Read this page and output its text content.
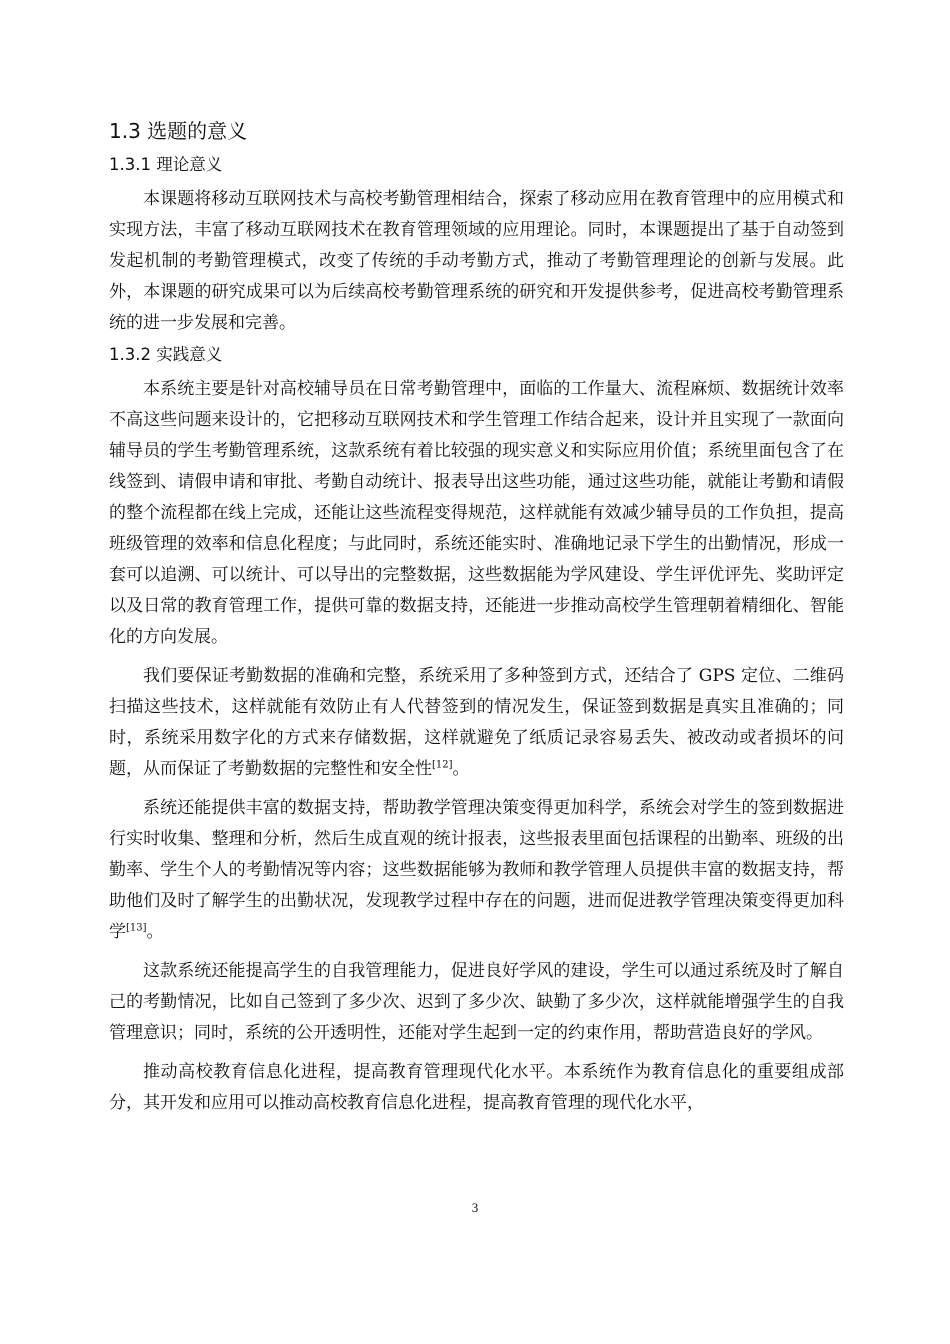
1.3 选题的意义
1.3.1 理论意义

本课题将移动互联网技术与高校考勤管理相结合，探索了移动应用在教育管理中的应用模式和实现方法，丰富了移动互联网技术在教育管理领域的应用理论。同时，本课题提出了基于自动签到发起机制的考勤管理模式，改变了传统的手动考勤方式，推动了考勤管理理论的创新与发展。此外，本课题的研究成果可以为后续高校考勤管理系统的研究和开发提供参考，促进高校考勤管理系统的进一步发展和完善。

1.3.2 实践意义

本系统主要是针对高校辅导员在日常考勤管理中，面临的工作量大、流程麻烦、数据统计效率不高这些问题来设计的，它把移动互联网技术和学生管理工作结合起来，设计并且实现了一款面向辅导员的学生考勤管理系统，这款系统有着比较强的现实意义和实际应用价值；系统里面包含了在线签到、请假申请和审批、考勤自动统计、报表导出这些功能，通过这些功能，就能让考勤和请假的整个流程都在线上完成，还能让这些流程变得规范，这样就能有效减少辅导员的工作负担，提高班级管理的效率和信息化程度；与此同时，系统还能实时、准确地记录下学生的出勤情况，形成一套可以追溯、可以统计、可以导出的完整数据，这些数据能为学风建设、学生评优评先、奖助评定以及日常的教育管理工作，提供可靠的数据支持，还能进一步推动高校学生管理朝着精细化、智能化的方向发展。

我们要保证考勤数据的准确和完整，系统采用了多种签到方式，还结合了 GPS 定位、二维码扫描这些技术，这样就能有效防止有人代替签到的情况发生，保证签到数据是真实且准确的；同时，系统采用数字化的方式来存储数据，这样就避免了纸质记录容易丢失、被改动或者损坏的问题，从而保证了考勤数据的完整性和安全性[12]。

系统还能提供丰富的数据支持，帮助教学管理决策变得更加科学，系统会对学生的签到数据进行实时收集、整理和分析，然后生成直观的统计报表，这些报表里面包括课程的出勤率、班级的出勤率、学生个人的考勤情况等内容；这些数据能够为教师和教学管理人员提供丰富的数据支持，帮助他们及时了解学生的出勤状况，发现教学过程中存在的问题，进而促进教学管理决策变得更加科学[13]。

这款系统还能提高学生的自我管理能力，促进良好学风的建设，学生可以通过系统及时了解自己的考勤情况，比如自己签到了多少次、迟到了多少次、缺勤了多少次，这样就能增强学生的自我管理意识；同时，系统的公开透明性，还能对学生起到一定的约束作用，帮助营造良好的学风。

推动高校教育信息化进程，提高教育管理现代化水平。本系统作为教育信息化的重要组成部分，其开发和应用可以推动高校教育信息化进程，提高教育管理的现代化水平，

3
